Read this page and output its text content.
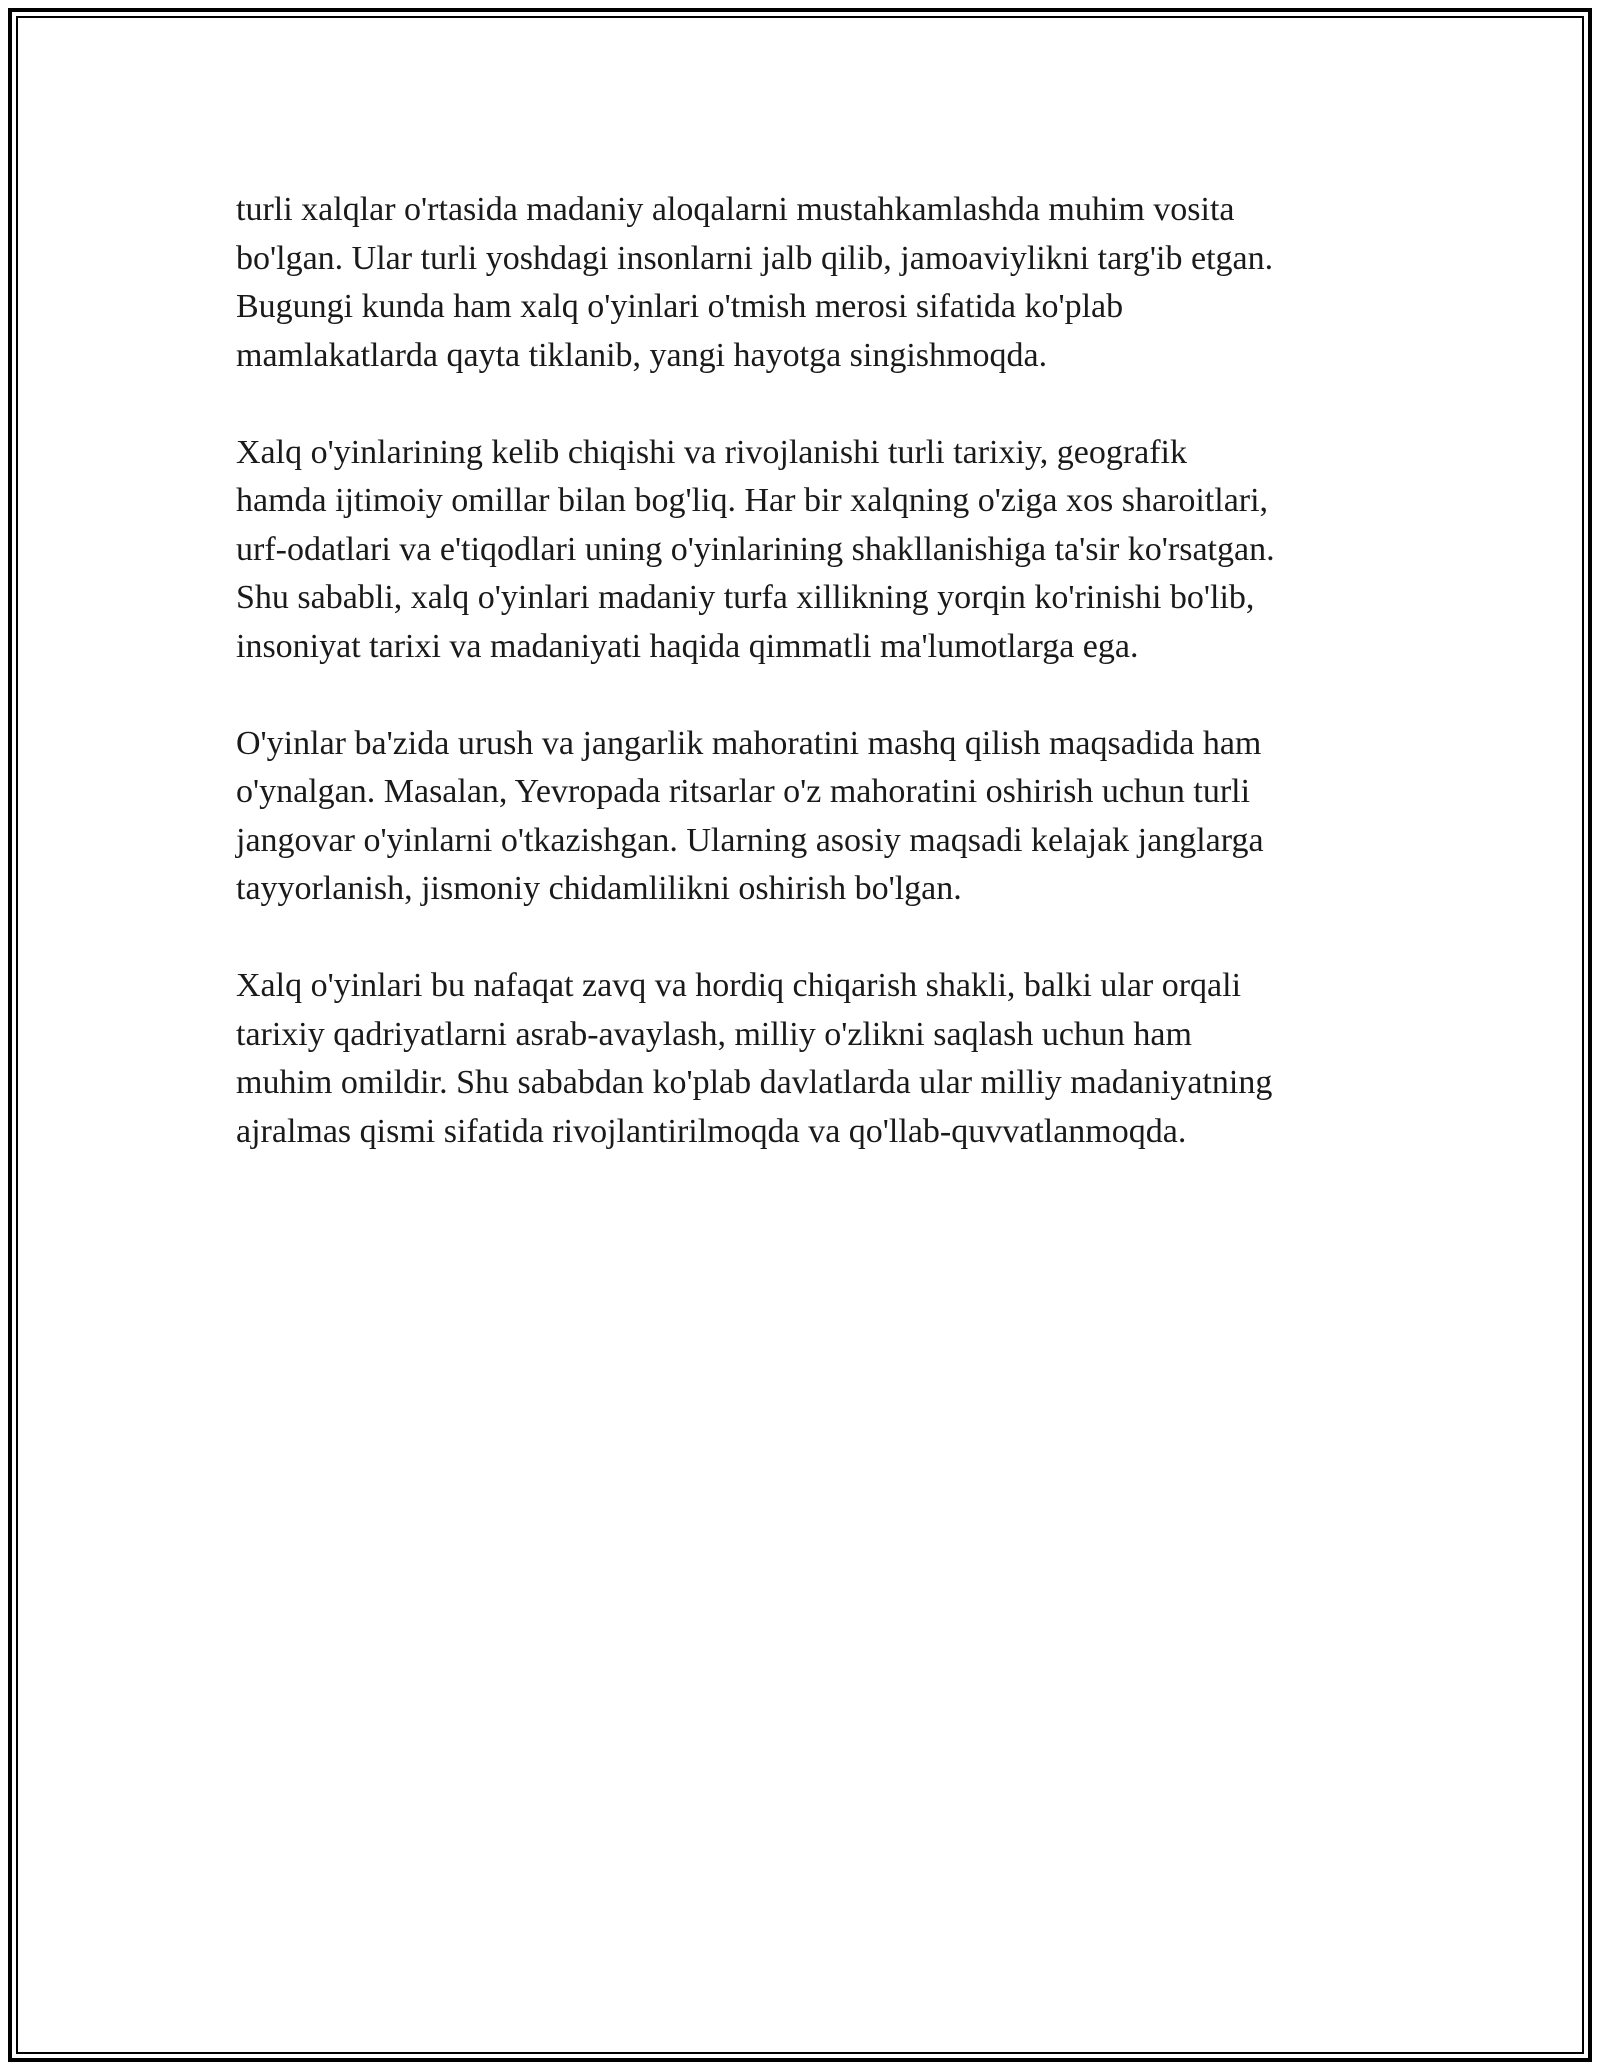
turli xalqlar o'rtasida madaniy aloqalarni mustahkamlashda muhim vosita
bo'lgan. Ular turli yoshdagi insonlarni jalb qilib, jamoaviylikni targ'ib etgan.
Bugungi kunda ham xalq o'yinlari o'tmish merosi sifatida ko'plab
mamlakatlarda qayta tiklanib, yangi hayotga singishmoqda.

Xalq o'yinlarining kelib chiqishi va rivojlanishi turli tarixiy, geografik
hamda ijtimoiy omillar bilan bog'liq. Har bir xalqning o'ziga xos sharoitlari,
urf-odatlari va e'tiqodlari uning o'yinlarining shakllanishiga ta'sir ko'rsatgan.
Shu sababli, xalq o'yinlari madaniy turfa xillikning yorqin ko'rinishi bo'lib,
insoniyat tarixi va madaniyati haqida qimmatli ma'lumotlarga ega.

O'yinlar ba'zida urush va jangarlik mahoratini mashq qilish maqsadida ham
o'ynalgan. Masalan, Yevropada ritsarlar o'z mahoratini oshirish uchun turli
jangovar o'yinlarni o'tkazishgan. Ularning asosiy maqsadi kelajak janglarga
tayyorlanish, jismoniy chidamlilikni oshirish bo'lgan.

Xalq o'yinlari bu nafaqat zavq va hordiq chiqarish shakli, balki ular orqali
tarixiy qadriyatlarni asrab-avaylash, milliy o'zlikni saqlash uchun ham
muhim omildir. Shu sababdan ko'plab davlatlarda ular milliy madaniyatning
ajralmas qismi sifatida rivojlantirilmoqda va qo'llab-quvvatlanmoqda.
